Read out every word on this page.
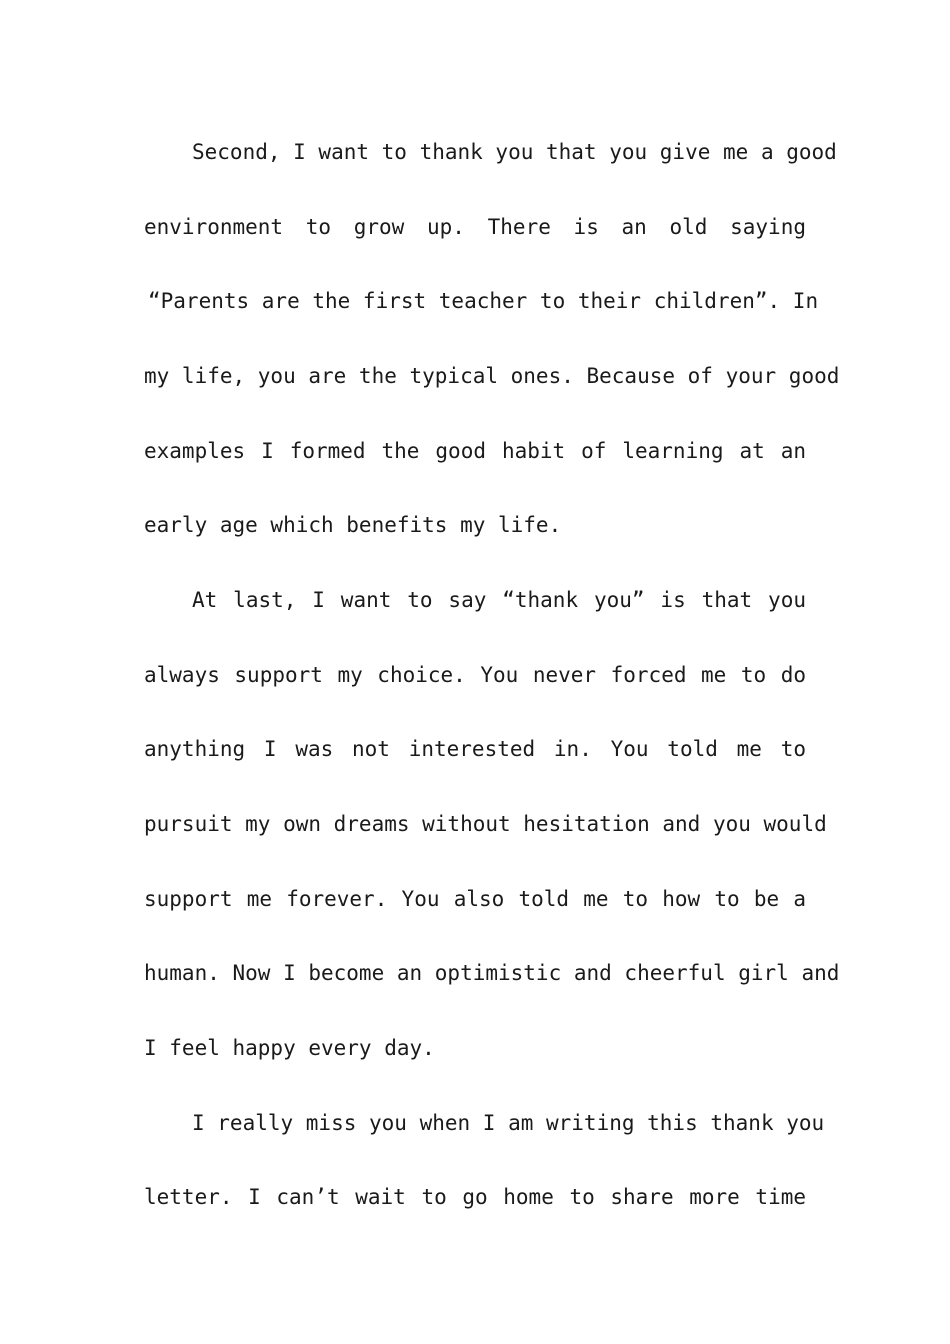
Second, I want to thank you that you give me a good
environment to grow up. There is an old saying
“Parents are the first teacher to their children”. In
my life, you are the typical ones. Because of your good
examples I formed the good habit of learning at an
early age which benefits my life.
At last, I want to say “thank you” is that you
always support my choice. You never forced me to do
anything I was not interested in. You told me to
pursuit my own dreams without hesitation and you would
support me forever. You also told me to how to be a
human. Now I become an optimistic and cheerful girl and
I feel happy every day.
I really miss you when I am writing this thank you
letter. I can’t wait to go home to share more time
